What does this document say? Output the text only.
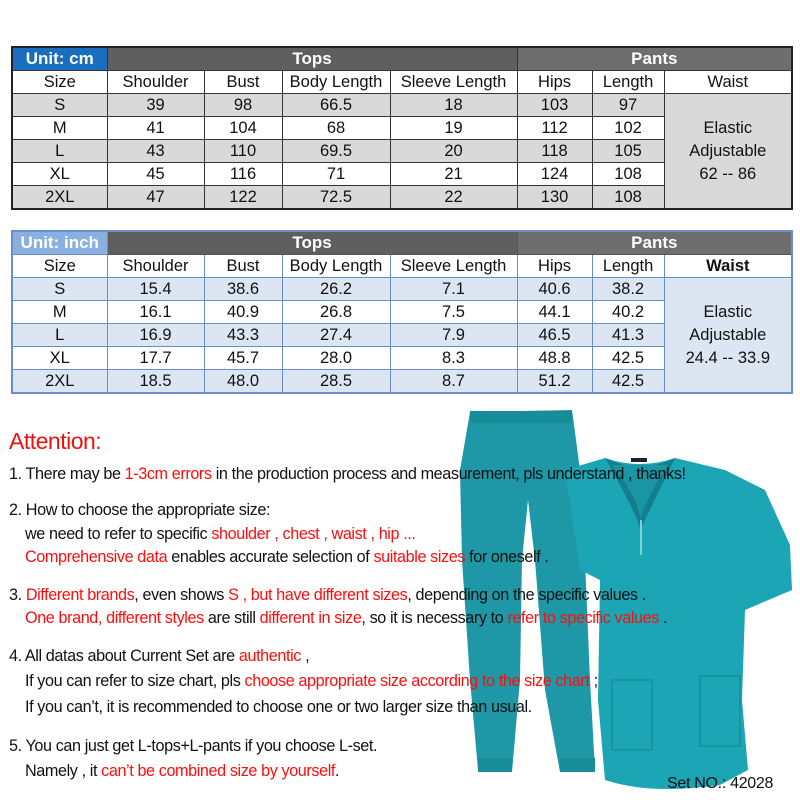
Unit: cm	Tops				Pants		
Size	Shoulder	Bust	Body Length	Sleeve Length	Hips	Length	Waist
S	39	98	66.5	18	103	97	Elastic Adjustable
62 -- 86
M	41	104	68	19	112	102	
L	43	110	69.5	20	118	105	
XL	45	116	71	21	124	108	
2XL	47	122	72.5	22	130	108	
Unit: inch	Tops				Pants		
Size	Shoulder	Bust	Body Length	Sleeve Length	Hips	Length	Waist
S	15.4	38.6	26.2	7.1	40.6	38.2	Elastic Adjustable
24.4 -- 33.9
M	16.1	40.9	26.8	7.5	44.1	40.2	
L	16.9	43.3	27.4	7.9	46.5	41.3	
XL	17.7	45.7	28.0	8.3	48.8	42.5	
2XL	18.5	48.0	28.5	8.7	51.2	42.5	
Attention:
1. There may be 1-3cm errors in the production process and measurement, pls understand , thanks!
2. How to choose the appropriate size:
we need to refer to specific shoulder , chest , waist , hip ...
Comprehensive data enables accurate selection of suitable sizes for oneself .
3. Different brands, even shows S , but have different sizes, depending on the specific values .
One brand, different styles are still different in size, so it is necessary to refer to specific values .
4. All datas about Current Set are authentic ,
If you can refer to size chart, pls choose appropriate size according to the size chart ;
If you can’t, it is recommended to choose one or two larger size than usual.
5. You can just get L-tops+L-pants if you choose L-set.
Namely , it can’t be combined size by yourself.
Set NO.: 42028
